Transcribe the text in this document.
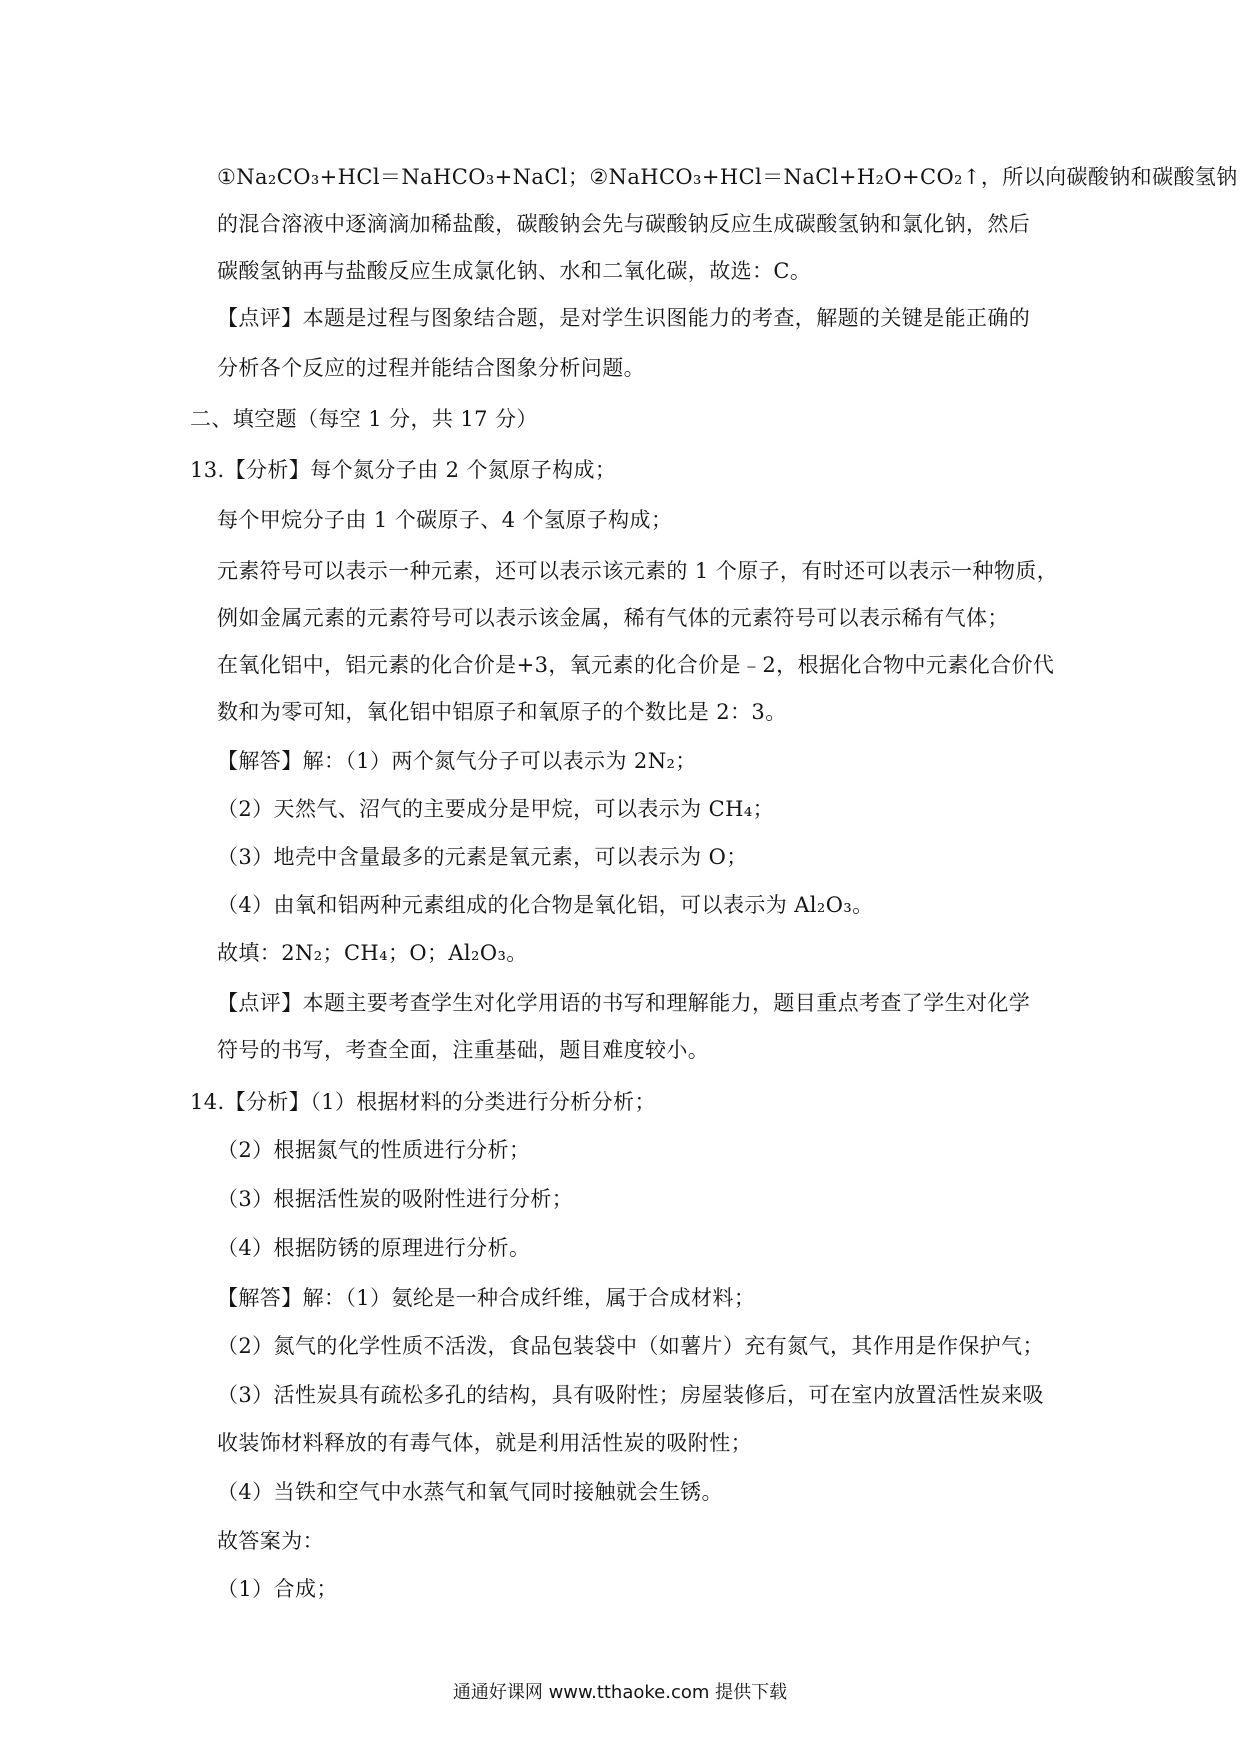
①Na₂CO₃+HCl＝NaHCO₃+NaCl；②NaHCO₃+HCl＝NaCl+H₂O+CO₂↑，所以向碳酸钠和碳酸氢钠
的混合溶液中逐滴滴加稀盐酸，碳酸钠会先与碳酸钠反应生成碳酸氢钠和氯化钠，然后
碳酸氢钠再与盐酸反应生成氯化钠、水和二氧化碳，故选：C。
【点评】本题是过程与图象结合题，是对学生识图能力的考查，解题的关键是能正确的
分析各个反应的过程并能结合图象分析问题。
二、填空题（每空 1 分，共 17 分）
13.【分析】每个氮分子由 2 个氮原子构成；
每个甲烷分子由 1 个碳原子、4 个氢原子构成；
元素符号可以表示一种元素，还可以表示该元素的 1 个原子，有时还可以表示一种物质，
例如金属元素的元素符号可以表示该金属，稀有气体的元素符号可以表示稀有气体；
在氧化铝中，铝元素的化合价是+3，氧元素的化合价是﹣2，根据化合物中元素化合价代
数和为零可知，氧化铝中铝原子和氧原子的个数比是 2：3。
【解答】解：（1）两个氮气分子可以表示为 2N₂；
（2）天然气、沼气的主要成分是甲烷，可以表示为 CH₄；
（3）地壳中含量最多的元素是氧元素，可以表示为 O；
（4）由氧和铝两种元素组成的化合物是氧化铝，可以表示为 Al₂O₃。
故填：2N₂；CH₄；O；Al₂O₃。
【点评】本题主要考查学生对化学用语的书写和理解能力，题目重点考查了学生对化学
符号的书写，考查全面，注重基础，题目难度较小。
14.【分析】（1）根据材料的分类进行分析分析；
（2）根据氮气的性质进行分析；
（3）根据活性炭的吸附性进行分析；
（4）根据防锈的原理进行分析。
【解答】解：（1）氨纶是一种合成纤维，属于合成材料；
（2）氮气的化学性质不活泼，食品包装袋中（如薯片）充有氮气，其作用是作保护气；
（3）活性炭具有疏松多孔的结构，具有吸附性；房屋装修后，可在室内放置活性炭来吸
收装饰材料释放的有毒气体，就是利用活性炭的吸附性；
（4）当铁和空气中水蒸气和氧气同时接触就会生锈。
故答案为：
（1）合成；
通通好课网 www.tthaoke.com 提供下载
